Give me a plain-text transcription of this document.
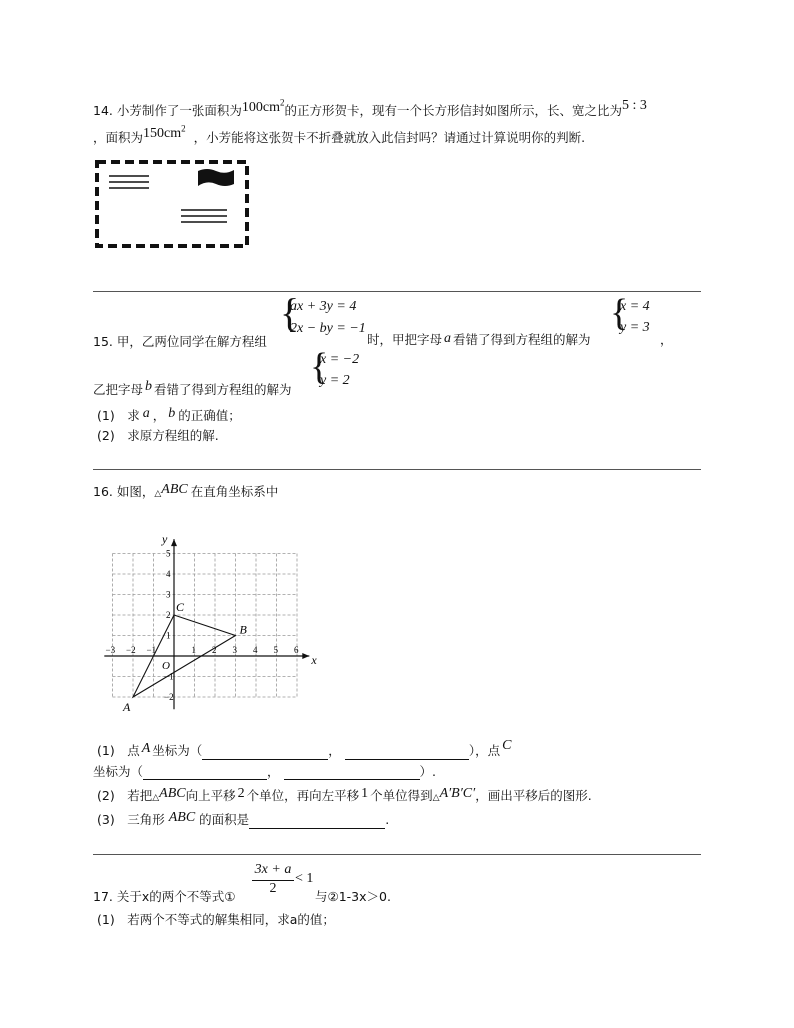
14. 小芳制作了一张面积为$100cm^2$的正方形贺卡，现有一个长方形信封如图所示，长、宽之比为5 : 3
，面积为$150cm^2$，小芳能将这张贺卡不折叠就放入此信封吗？请通过计算说明你的判断.
{
ax + 3y = 4
2x − by = −1
15. 甲，乙两位同学在解方程组	时，甲把字母 a 看错了得到方程组的解为
{
x = 4
y = 3
，
乙把字母 b 看错了得到方程组的解为
{
x = −2
y = 2
(1)　求 a ， b 的正确值；
(2)　求原方程组的解.
16. 如图，△ABC 在直角坐标系中
x
y
O
−3 −2 −1	1 2 3 4 5 6
5
4
3
2
1
−1
−2
A
B
C
(1)　点 A 坐标为（	，	），点 C
坐标为（	，	）.
(2)　若把△ABC向上平移 2 个单位，再向左平移 1 个单位得到△A′B′C′，画出平移后的图形.
(3)　三角形 ABC 的面积是	.
3x + a
2
< 1
17. 关于x的两个不等式①	与②1-3x＞0.
(1)　若两个不等式的解集相同，求a的值；
